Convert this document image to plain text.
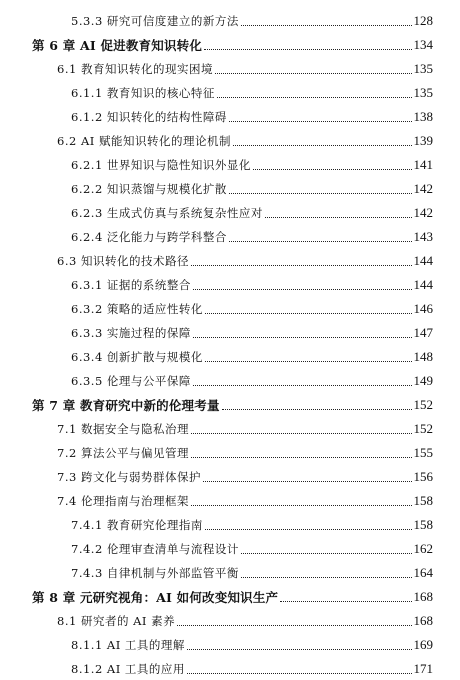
5.3.3 研究可信度建立的新方法	128
第 6 章 AI 促进教育知识转化	134
6.1 教育知识转化的现实困境	135
6.1.1 教育知识的核心特征	135
6.1.2 知识转化的结构性障碍	138
6.2 AI 赋能知识转化的理论机制	139
6.2.1 世界知识与隐性知识外显化	141
6.2.2 知识蒸馏与规模化扩散	142
6.2.3 生成式仿真与系统复杂性应对	142
6.2.4 泛化能力与跨学科整合	143
6.3 知识转化的技术路径	144
6.3.1 证据的系统整合	144
6.3.2 策略的适应性转化	146
6.3.3 实施过程的保障	147
6.3.4 创新扩散与规模化	148
6.3.5 伦理与公平保障	149
第 7 章 教育研究中新的伦理考量	152
7.1 数据安全与隐私治理	152
7.2 算法公平与偏见管理	155
7.3 跨文化与弱势群体保护	156
7.4 伦理指南与治理框架	158
7.4.1 教育研究伦理指南	158
7.4.2 伦理审查清单与流程设计	162
7.4.3 自律机制与外部监管平衡	164
第 8 章 元研究视角：AI 如何改变知识生产	168
8.1 研究者的 AI 素养	168
8.1.1 AI 工具的理解	169
8.1.2 AI 工具的应用	171
